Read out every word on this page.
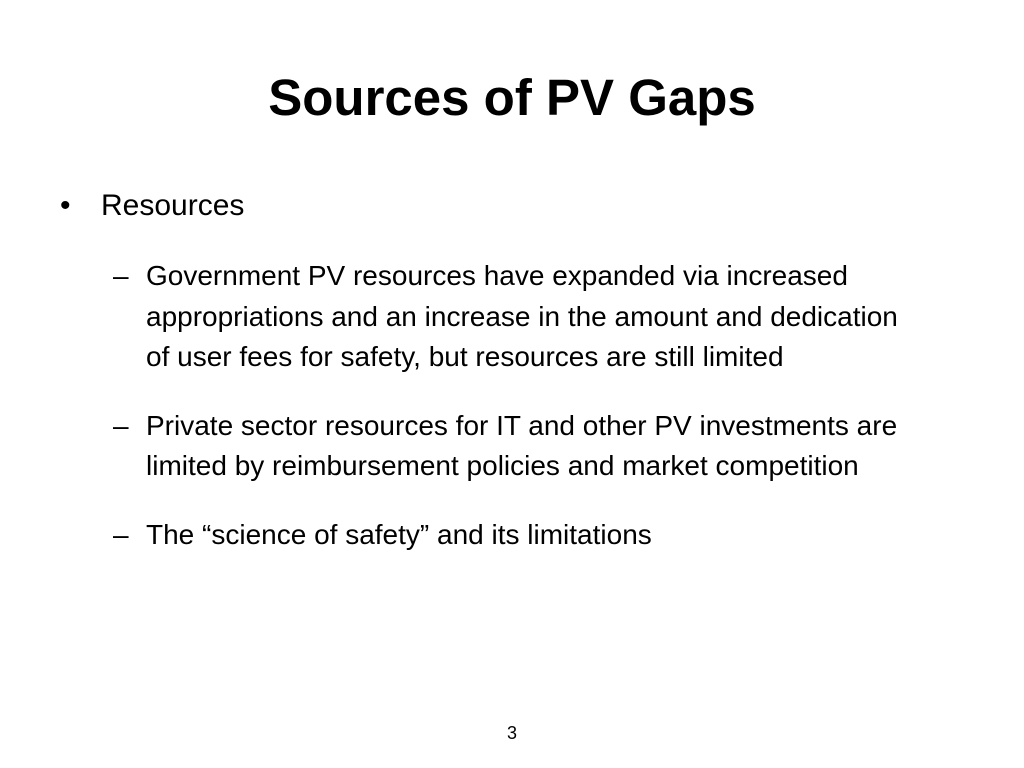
Sources of PV Gaps
•	Resources
– Government PV resources have expanded via increased appropriations and an increase in the amount and dedication of user fees for safety, but resources are still limited
– Private sector resources for IT and other PV investments are limited by reimbursement policies and market competition
– The “science of safety” and its limitations
3
